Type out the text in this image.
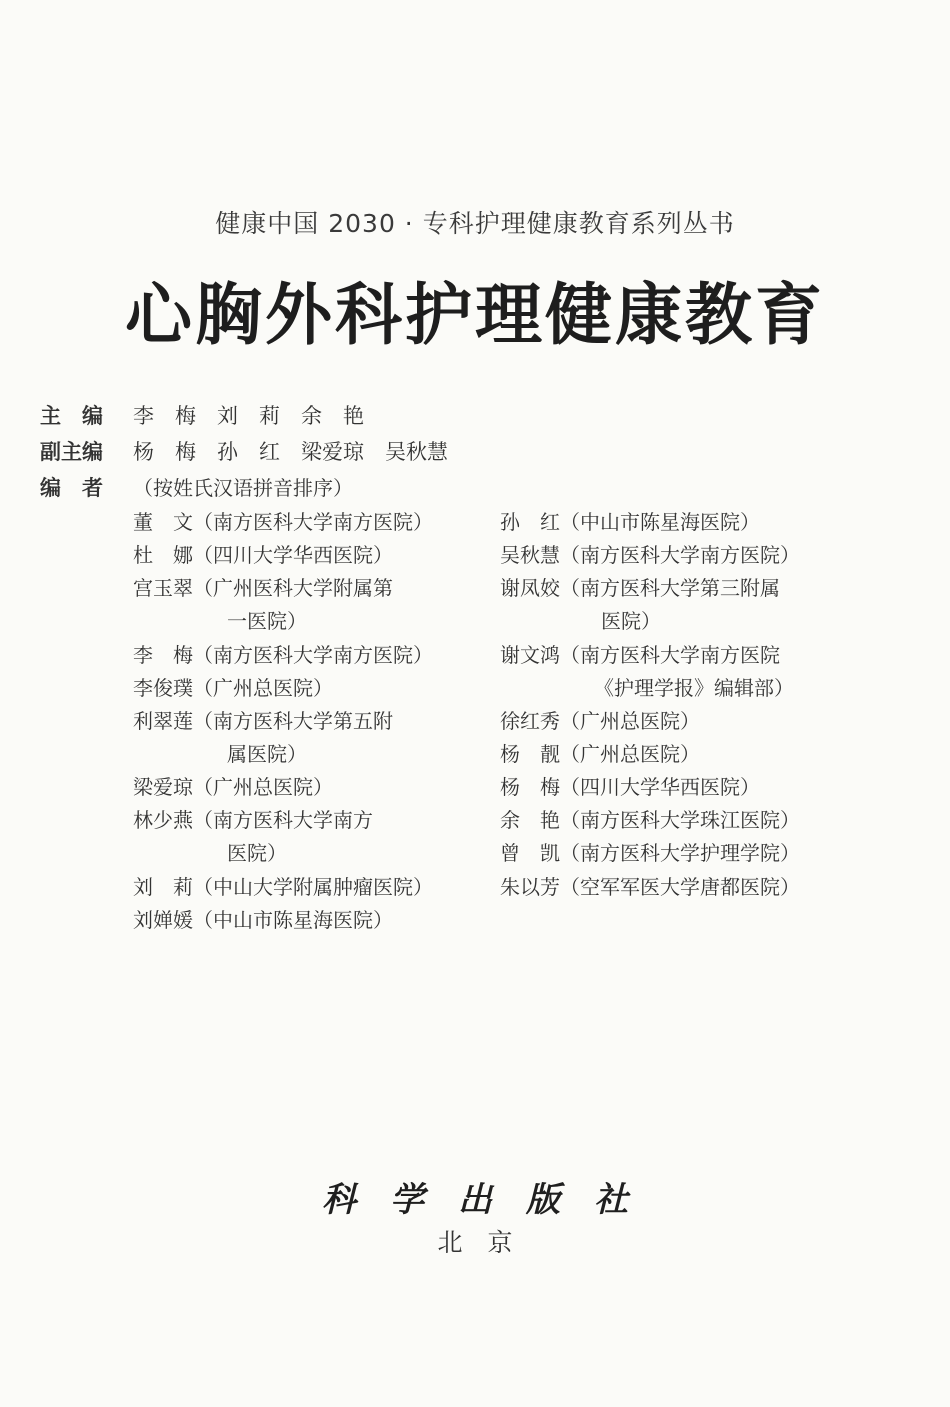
健康中国 2030 · 专科护理健康教育系列丛书
心胸外科护理健康教育
主　编 李　梅　刘　莉　余　艳
副主编 杨　梅　孙　红　梁爱琼　吴秋慧
编　者 （按姓氏汉语拼音排序）
董　文（南方医科大学南方医院）
杜　娜（四川大学华西医院）
宫玉翠（广州医科大学附属第
一医院）
李　梅（南方医科大学南方医院）
李俊璞（广州总医院）
利翠莲（南方医科大学第五附
属医院）
梁爱琼（广州总医院）
林少燕（南方医科大学南方
医院）
刘　莉（中山大学附属肿瘤医院）
刘婵媛（中山市陈星海医院）
孙　红（中山市陈星海医院）
吴秋慧（南方医科大学南方医院）
谢凤姣（南方医科大学第三附属
医院）
谢文鸿（南方医科大学南方医院
《护理学报》编辑部）
徐红秀（广州总医院）
杨　靓（广州总医院）
杨　梅（四川大学华西医院）
余　艳（南方医科大学珠江医院）
曾　凯（南方医科大学护理学院）
朱以芳（空军军医大学唐都医院）
科　学　出　版　社
北　京
